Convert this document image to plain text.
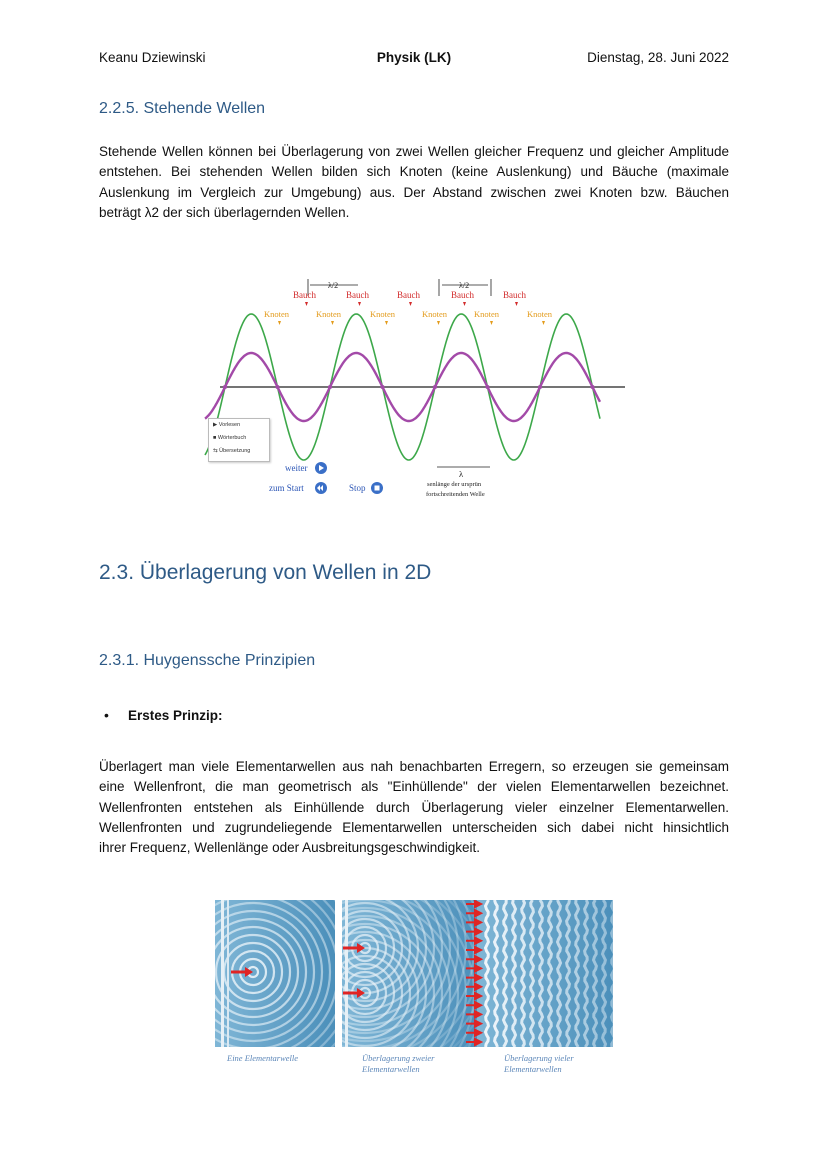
Keanu Dziewinski	Physik (LK)	Dienstag, 28. Juni 2022
2.2.5. Stehende Wellen
Stehende Wellen können bei Überlagerung von zwei Wellen gleicher Frequenz und gleicher Amplitude
entstehen. Bei stehenden Wellen bilden sich Knoten (keine Auslenkung) und Bäuche (maximale
Auslenkung im Vergleich zur Umgebung) aus. Der Abstand zwischen zwei Knoten bzw. Bäuchen
beträgt λ2 der sich überlagernden Wellen.
λ/2	λ/2
Bauch	Bauch	Bauch	Bauch	Bauch
Knoten	Knoten	Knoten	Knoten	Knoten	Knoten
λ
senlänge der ursprün
fortschreitenden Welle
weiter
zum Start	Stop
▶ Vorlesen
■ Wörterbuch
⇆ Übersetzung
2.3. Überlagerung von Wellen in 2D
2.3.1. Huygenssche Prinzipien
• Erstes Prinzip:
Überlagert man viele Elementarwellen aus nah benachbarten Erregern, so erzeugen sie gemeinsam
eine Wellenfront, die man geometrisch als "Einhüllende" der vielen Elementarwellen bezeichnet.
Wellenfronten entstehen als Einhüllende durch Überlagerung vieler einzelner Elementarwellen.
Wellenfronten und zugrundeliegende Elementarwellen unterscheiden sich dabei nicht hinsichtlich
ihrer Frequenz, Wellenlänge oder Ausbreitungsgeschwindigkeit.
Eine Elementarwelle	Überlagerung zweier
Elementarwellen
Überlagerung vieler
Elementarwellen
